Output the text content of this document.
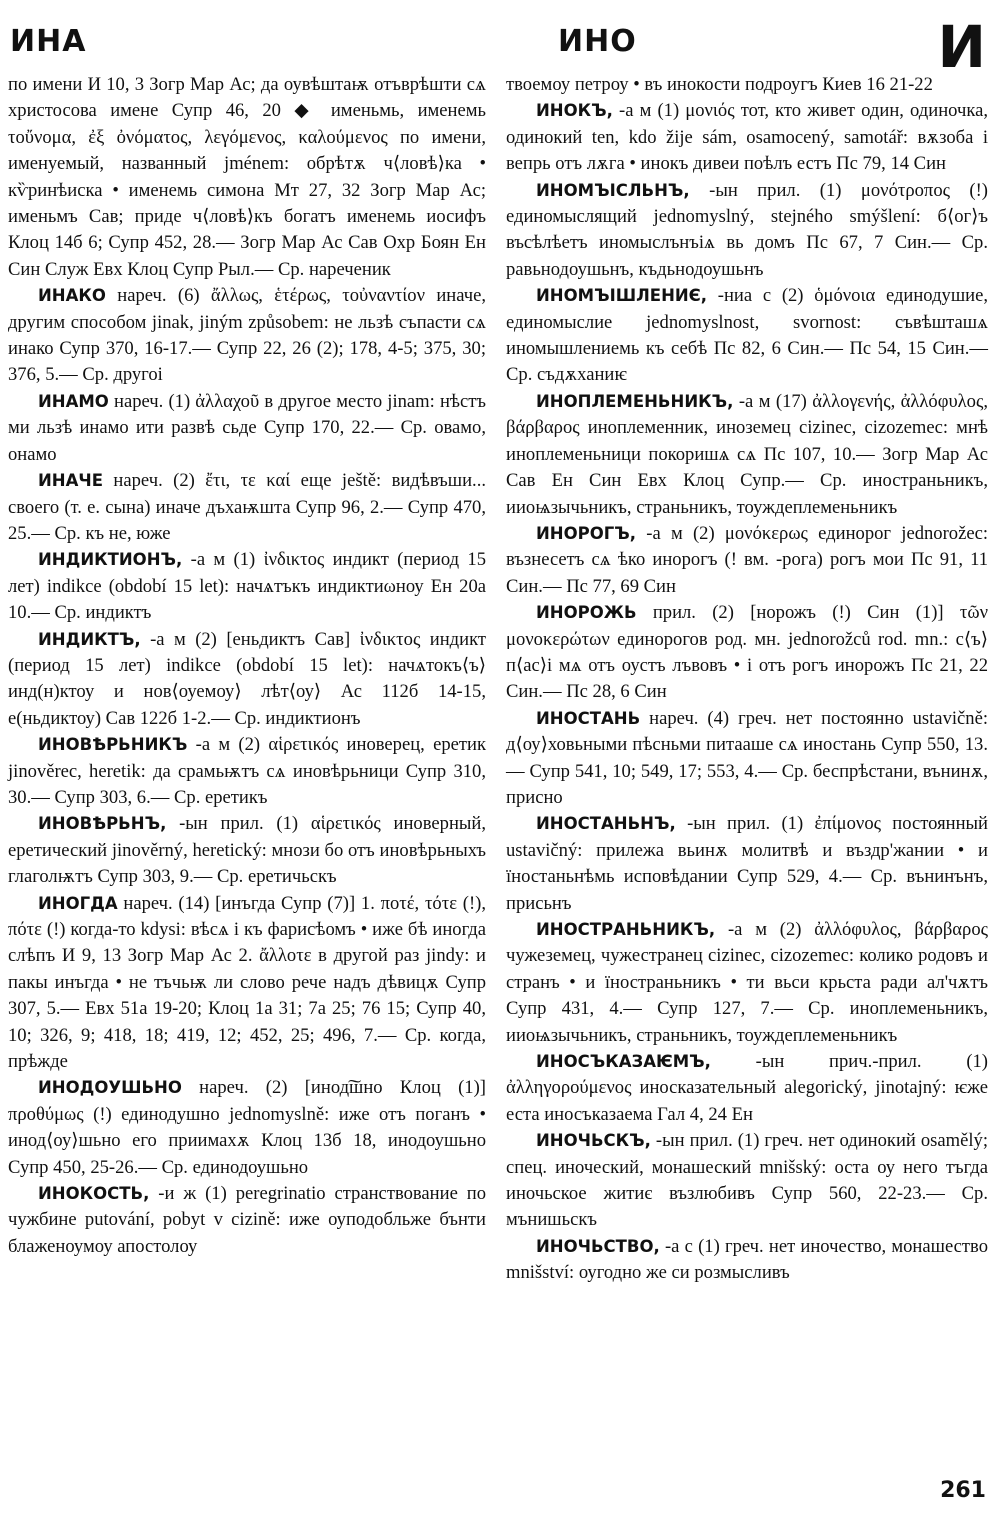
ИНА	ИНО	И

по имени И 10, 3 Зогр Мар Ас; да оувѣштаѭ отъврѣшти сѧ христосова имене Супр 46, 20 ◆ именьмь, именемь τοὔνομα, ἐξ ὀνόματος, λεγόμενος, καλούμενος по имени, именуемый, названный jménem: обрѣтѫ ч⟨ловѣ⟩ка • кѷринѣиска • именемь симона Мт 27, 32 Зогр Мар Ас; именьмъ Сав; приде ч⟨ловѣ⟩къ богатъ именемь иосифъ Клоц 14б 6; Супр 452, 28.— Зогр Мар Ас Сав Охр Боян Ен Син Служ Евх Клоц Супр Рыл.— Ср. нареченик

ИНАКО нареч. (6) ἄλλως, ἑτέρως, τοὐναντίον иначе, другим способом jinak, jiným způsobem: не льзѣ съпасти сѧ инако Супр 370, 16-17.— Супр 22, 26 (2); 178, 4-5; 375, 30; 376, 5.— Ср. другоi

ИНАМО нареч. (1) ἀλλαχοῦ в другое место jinam: нѣстъ ми льзѣ инамо ити развѣ сьде Супр 170, 22.— Ср. овамо, онамо

ИНАЧЕ нареч. (2) ἔτι, τε καί еще ještě: видѣвъши... своего (т. е. сына) иначе дъхаѭшта Супр 96, 2.— Супр 470, 25.— Ср. къ не, юже

ИНДИКТИОНЪ, -а м (1) ἰνδικτος индикт (период 15 лет) indikce (období 15 let): начѧтъкъ индиктиωноу Ен 20а 10.— Ср. индиктъ

ИНДИКТЪ, -а м (2) [еньдиктъ Сав] ἰνδικτος индикт (период 15 лет) indikce (období 15 let): начѧтокъ⟨ъ⟩ инд(н)ктоу и нов⟨оуемоу⟩ лѣт⟨оу⟩ Ас 112б 14-15, е(ньдиктоу) Сав 122б 1-2.— Ср. индиктионъ

ИНОВѢРЬНИКЪ -а м (2) αἱρετικός иноверец, еретик jinověrec, heretik: да срамьѭтъ сѧ иновѣрьници Супр 310, 30.— Супр 303, 6.— Ср. еретикъ

ИНОВѢРЬНЪ, -ын прил. (1) αἱρετικός иноверный, еретический jinověrný, heretický: мнози бо отъ иновѣрьныхъ глаголѭтъ Супр 303, 9.— Ср. еретичьскъ

ИНОГДА нареч. (14) [инъгда Супр (7)] 1. ποτέ, τότε (!), πότε (!) когда-то kdysi: вѣсѧ і къ фарисѣомъ • иже бѣ иногда слѣпъ И 9, 13 Зогр Мар Ас 2. ἄλλοτε в другой раз jindy: и пакы инъгда • не тъчьѭ ли слово рече надъ дѣвицѫ Супр 307, 5.— Евх 51а 19-20; Клоц 1а 31; 7а 25; 76 15; Супр 40, 10; 326, 9; 418, 18; 419, 12; 452, 25; 496, 7.— Ср. когда, прѣжде

ИНОДОУШЬНО нареч. (2) [инод͠шно Клоц (1)] προθύμως (!) единодушно jednomyslně: иже отъ поганъ • инод⟨оу⟩шьно его приимахѫ Клоц 13б 18, инодоушьно Супр 450, 25-26.— Ср. единодоушьно

ИНОКОСТЬ, -и ж (1) peregrinatio странствование по чужбине putování, pobyt v cizině: иже оуподобльже бънти блаженоумоу апостолоу

твоемоу петроу • въ инокости подроугъ Киев 16 21-22

ИНОКЪ, -а м (1) μονιός тот, кто живет один, одиночка, одинокий ten, kdo žije sám, osamocený, samotář: вѫзоба і вепрь отъ лѫга • инокъ дивеи поѣлъ естъ Пс 79, 14 Син

ИНОМЪІСЛЬНЪ, -ын прил. (1) μονότροπος (!) единомыслящий jednomyslný, stejného smýšlení: б⟨ог⟩ъ въсѣлѣетъ иномыслънъіѧ вь домъ Пс 67, 7 Син.— Ср. равьнодоушьнъ, къдьнодоушьнъ

ИНОМЪІШЛЕНИЄ, -ниа с (2) ὁμόνοια единодушие, единомыслие jednomyslnost, svornost: съвѣшташѧ иномышлениемь къ себѣ Пс 82, 6 Син.— Пс 54, 15 Син.— Ср. съдѫханиѥ

ИНОПЛЕМЕНЬНИКЪ, -а м (17) ἀλλογενής, ἀλλόφυλος, βάρβαρος иноплеменник, иноземец cizinec, cizozemec: мнѣ иноплеменьници покоришѧ сѧ Пс 107, 10.— Зогр Мар Ас Сав Ен Син Евх Клоц Супр.— Ср. иностраньникъ, ииоѩзычьникъ, страньникъ, тоуждеплеменьникъ

ИНОРОГЪ, -а м (2) μονόκερως единорог jednorožec: възнесетъ сѧ ѣко инорогъ (! вм. -рога) рогъ мои Пс 91, 11 Син.— Пс 77, 69 Син

ИНОРОЖЬ прил. (2) [норожъ (!) Син (1)] τῶν μονοκερώτων единорогов род. мн. jednorožců rod. mn.: с⟨ъ⟩п⟨ас⟩і мѧ отъ оустъ лъвовъ • і отъ рогъ инорожъ Пс 21, 22 Син.— Пс 28, 6 Син

ИНОСТАНЬ нареч. (4) греч. нет постоянно ustavičně: д⟨оу⟩ховьными пѣсньми питааше сѧ иностань Супр 550, 13.— Супр 541, 10; 549, 17; 553, 4.— Ср. беспрѣстани, вънинѫ, присно

ИНОСТАНЬНЪ, -ын прил. (1) ἐπίμονος постоянный ustavičný: прилежа вьинѫ молитвѣ и въздр'жании • и їностаньнѣмь исповѣдании Супр 529, 4.— Ср. вънинънъ, присьнъ

ИНОСТРАНЬНИКЪ, -а м (2) ἀλλόφυλος, βάρβαρος чужеземец, чужестранец cizinec, cizozemec: колико родовъ и странъ • и їностраньникъ • ти вьси крьста ради ал'чѫтъ Супр 431, 4.— Супр 127, 7.— Ср. иноплеменьникъ, ииоѩзычьникъ, страньникъ, тоуждеплеменьникъ

ИНОСЪКАЗАѤМЪ, -ын прич.-прил. (1) ἀλληγορούμενος иносказательный alegorický, jinotajný: ѥже еста иносъказаема Гал 4, 24 Ен

ИНОЧЬСКЪ, -ын прил. (1) греч. нет одинокий osamělý; спец. иноческий, монашеский mnišský: оста оу него тъгда иночьское житиє възлюбивъ Супр 560, 22-23.— Ср. мънишьскъ

ИНОЧЬСТВО, -а с (1) греч. нет иночество, монашество mnišství: оугодно же си розмысливъ

261
